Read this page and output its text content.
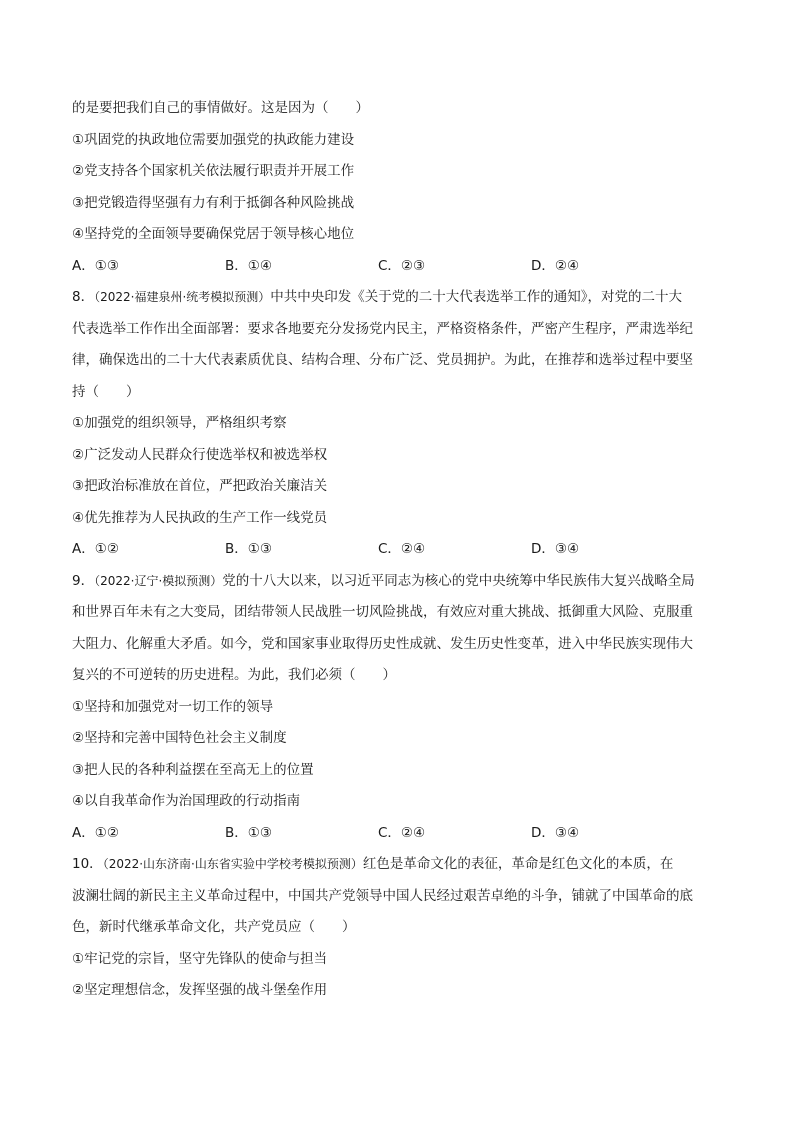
的是要把我们自己的事情做好。这是因为（　　）
①巩固党的执政地位需要加强党的执政能力建设
②党支持各个国家机关依法履行职责并开展工作
③把党锻造得坚强有力有利于抵御各种风险挑战
④坚持党的全面领导要确保党居于领导核心地位
A．①③	B．①④	C．②③	D．②④
8．（2022·福建泉州·统考模拟预测）中共中央印发《关于党的二十大代表选举工作的通知》，对党的二十大
代表选举工作作出全面部署：要求各地要充分发扬党内民主，严格资格条件，严密产生程序，严肃选举纪
律，确保选出的二十大代表素质优良、结构合理、分布广泛、党员拥护。为此，在推荐和选举过程中要坚
持（　　）
①加强党的组织领导，严格组织考察
②广泛发动人民群众行使选举权和被选举权
③把政治标准放在首位，严把政治关廉洁关
④优先推荐为人民执政的生产工作一线党员
A．①②	B．①③	C．②④	D．③④
9．（2022·辽宁·模拟预测）党的十八大以来，以习近平同志为核心的党中央统筹中华民族伟大复兴战略全局
和世界百年未有之大变局，团结带领人民战胜一切风险挑战，有效应对重大挑战、抵御重大风险、克服重
大阻力、化解重大矛盾。如今，党和国家事业取得历史性成就、发生历史性变革，进入中华民族实现伟大
复兴的不可逆转的历史进程。为此，我们必须（　　）
①坚持和加强党对一切工作的领导
②坚持和完善中国特色社会主义制度
③把人民的各种利益摆在至高无上的位置
④以自我革命作为治国理政的行动指南
A．①②	B．①③	C．②④	D．③④
10．（2022·山东济南·山东省实验中学校考模拟预测）红色是革命文化的表征，革命是红色文化的本质，在
波澜壮阔的新民主主义革命过程中，中国共产党领导中国人民经过艰苦卓绝的斗争，铺就了中国革命的底
色，新时代继承革命文化，共产党员应（　　）
①牢记党的宗旨，坚守先锋队的使命与担当
②坚定理想信念，发挥坚强的战斗堡垒作用
